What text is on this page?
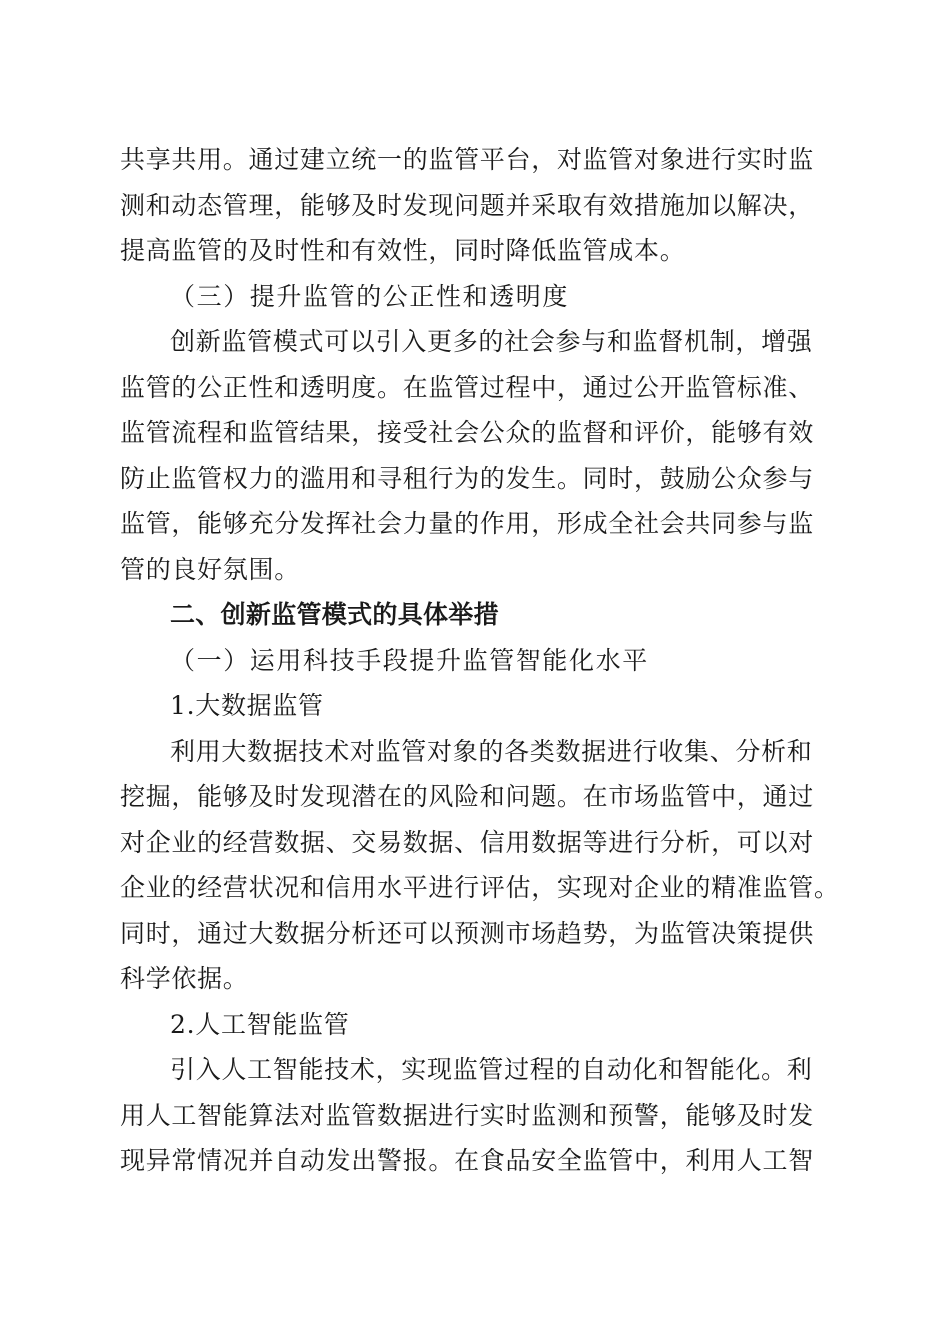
共享共用。通过建立统一的监管平台，对监管对象进行实时监
测和动态管理，能够及时发现问题并采取有效措施加以解决，
提高监管的及时性和有效性，同时降低监管成本。
（三）提升监管的公正性和透明度
创新监管模式可以引入更多的社会参与和监督机制，增强
监管的公正性和透明度。在监管过程中，通过公开监管标准、
监管流程和监管结果，接受社会公众的监督和评价，能够有效
防止监管权力的滥用和寻租行为的发生。同时，鼓励公众参与
监管，能够充分发挥社会力量的作用，形成全社会共同参与监
管的良好氛围。
二、创新监管模式的具体举措
（一）运用科技手段提升监管智能化水平
1.大数据监管
利用大数据技术对监管对象的各类数据进行收集、分析和
挖掘，能够及时发现潜在的风险和问题。在市场监管中，通过
对企业的经营数据、交易数据、信用数据等进行分析，可以对
企业的经营状况和信用水平进行评估，实现对企业的精准监管。
同时，通过大数据分析还可以预测市场趋势，为监管决策提供
科学依据。
2.人工智能监管
引入人工智能技术，实现监管过程的自动化和智能化。利
用人工智能算法对监管数据进行实时监测和预警，能够及时发
现异常情况并自动发出警报。在食品安全监管中，利用人工智
